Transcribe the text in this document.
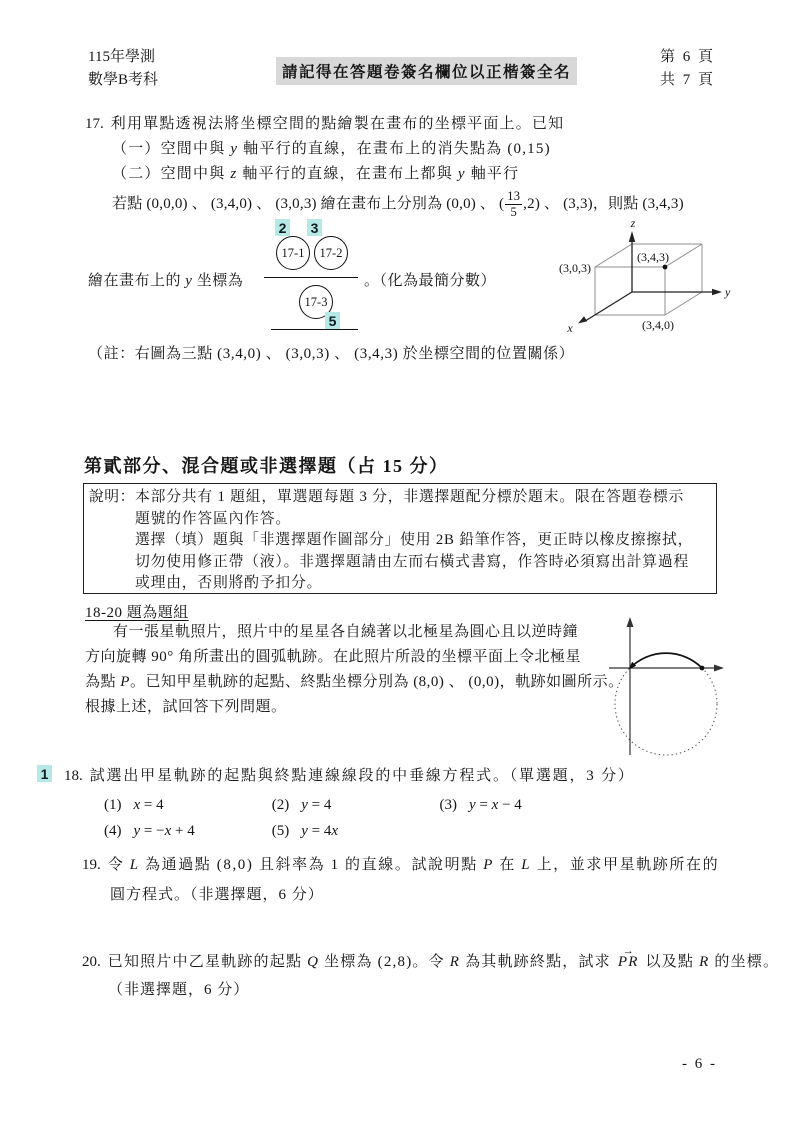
115年學測
數學B考科	請記得在答題卷簽名欄位以正楷簽全名
第 6 頁
共 7 頁
17. 利用單點透視法將坐標空間的點繪製在畫布的坐標平面上。已知
（一）空間中與 y 軸平行的直線，在畫布上的消失點為 (0,15)
（二）空間中與 z 軸平行的直線，在畫布上都與 y 軸平行
若點 (0,0,0) 、 (3,4,0) 、 (3,0,3) 繪在畫布上分別為 (0,0) 、 ( $\frac{13}{5} ,2$) 、 (3,3)，則點 (3,4,3)
繪在畫布上的 y 坐標為
2 3
17-1	17-2
17-3
5
。（化為最簡分數）
（註：右圖為三點 (3,4,0) 、 (3,0,3) 、 (3,4,3) 於坐標空間的位置關係）
z
y
x
(3,0,3)
(3,4,3)
(3,4,0)
第貳部分、混合題或非選擇題（占 15 分）
說明： 本部分共有 1 題組，單選題每題 3 分，非選擇題配分標於題末。限在答題卷標示
題號的作答區內作答。
選擇（填）題與「非選擇題作圖部分」使用 2B 鉛筆作答，更正時以橡皮擦擦拭，
切勿使用修正帶（液）。非選擇題請由左而右橫式書寫，作答時必須寫出計算過程
或理由，否則將酌予扣分。
18-20 題為題組
有一張星軌照片，照片中的星星各自繞著以北極星為圓心且以逆時鐘
方向旋轉 90° 角所畫出的圓弧軌跡。在此照片所設的坐標平面上令北極星
為點 P。已知甲星軌跡的起點、終點坐標分別為 (8,0) 、 (0,0)，軌跡如圖所示。
根據上述，試回答下列問題。
1 18. 試選出甲星軌跡的起點與終點連線線段的中垂線方程式。（單選題，3 分）
(1) x = 4	(2) y = 4	(3) y = x − 4
(4) y = −x + 4	(5) y = 4x
19. 令 L 為通過點 (8,0) 且斜率為 1 的直線。試說明點 P 在 L 上，並求甲星軌跡所在的
圓方程式。（非選擇題，6 分）
20. 已知照片中乙星軌跡的起點 Q 坐標為 (2,8)。令 R 為其軌跡終點，試求
→
PR 以及點 R 的坐標。
（非選擇題，6 分）
- 6 -
